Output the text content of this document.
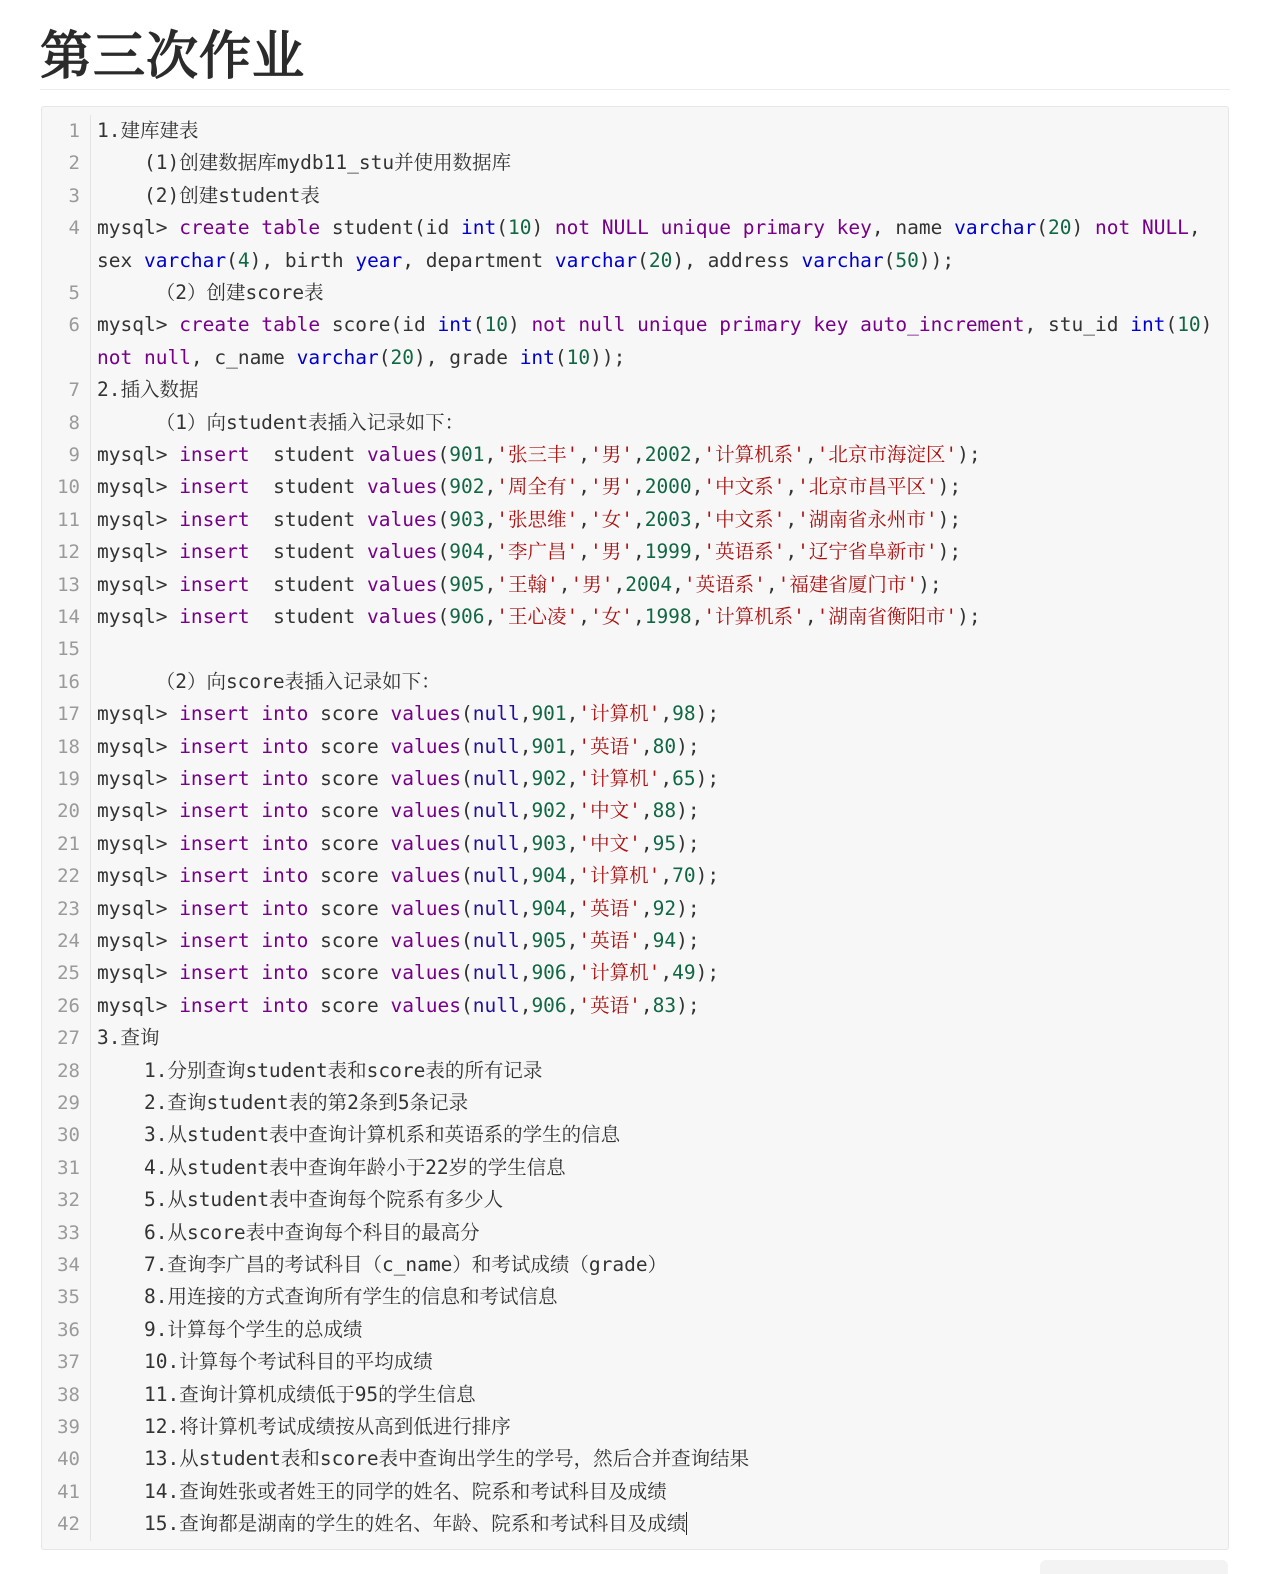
第三次作业
1 1.建库建表
2 (1)创建数据库mydb11_stu并使用数据库
3 (2)创建student表
4 mysql> create table student(id int(10) not NULL unique primary key, name varchar(20) not NULL, sex varchar(4), birth year, department varchar(20), address varchar(50));
5 （2）创建score表
6 mysql> create table score(id int(10) not null unique primary key auto_increment, stu_id int(10) not null, c_name varchar(20), grade int(10));
7 2.插入数据
8 （1）向student表插入记录如下：
9 mysql> insert  student values(901,'张三丰','男',2002,'计算机系','北京市海淀区');
10 mysql> insert  student values(902,'周全有','男',2000,'中文系','北京市昌平区');
11 mysql> insert  student values(903,'张思维','女',2003,'中文系','湖南省永州市');
12 mysql> insert  student values(904,'李广昌','男',1999,'英语系','辽宁省阜新市');
13 mysql> insert  student values(905,'王翰','男',2004,'英语系','福建省厦门市');
14 mysql> insert  student values(906,'王心凌','女',1998,'计算机系','湖南省衡阳市');
15
16 （2）向score表插入记录如下：
17 mysql> insert into score values(null,901,'计算机',98);
18 mysql> insert into score values(null,901,'英语',80);
19 mysql> insert into score values(null,902,'计算机',65);
20 mysql> insert into score values(null,902,'中文',88);
21 mysql> insert into score values(null,903,'中文',95);
22 mysql> insert into score values(null,904,'计算机',70);
23 mysql> insert into score values(null,904,'英语',92);
24 mysql> insert into score values(null,905,'英语',94);
25 mysql> insert into score values(null,906,'计算机',49);
26 mysql> insert into score values(null,906,'英语',83);
27 3.查询
28 1.分别查询student表和score表的所有记录
29 2.查询student表的第2条到5条记录
30 3.从student表中查询计算机系和英语系的学生的信息
31 4.从student表中查询年龄小于22岁的学生信息
32 5.从student表中查询每个院系有多少人
33 6.从score表中查询每个科目的最高分
34 7.查询李广昌的考试科目（c_name）和考试成绩（grade）
35 8.用连接的方式查询所有学生的信息和考试信息
36 9.计算每个学生的总成绩
37 10.计算每个考试科目的平均成绩
38 11.查询计算机成绩低于95的学生信息
39 12.将计算机考试成绩按从高到低进行排序
40 13.从student表和score表中查询出学生的学号，然后合并查询结果
41 14.查询姓张或者姓王的同学的姓名、院系和考试科目及成绩
42 15.查询都是湖南的学生的姓名、年龄、院系和考试科目及成绩
